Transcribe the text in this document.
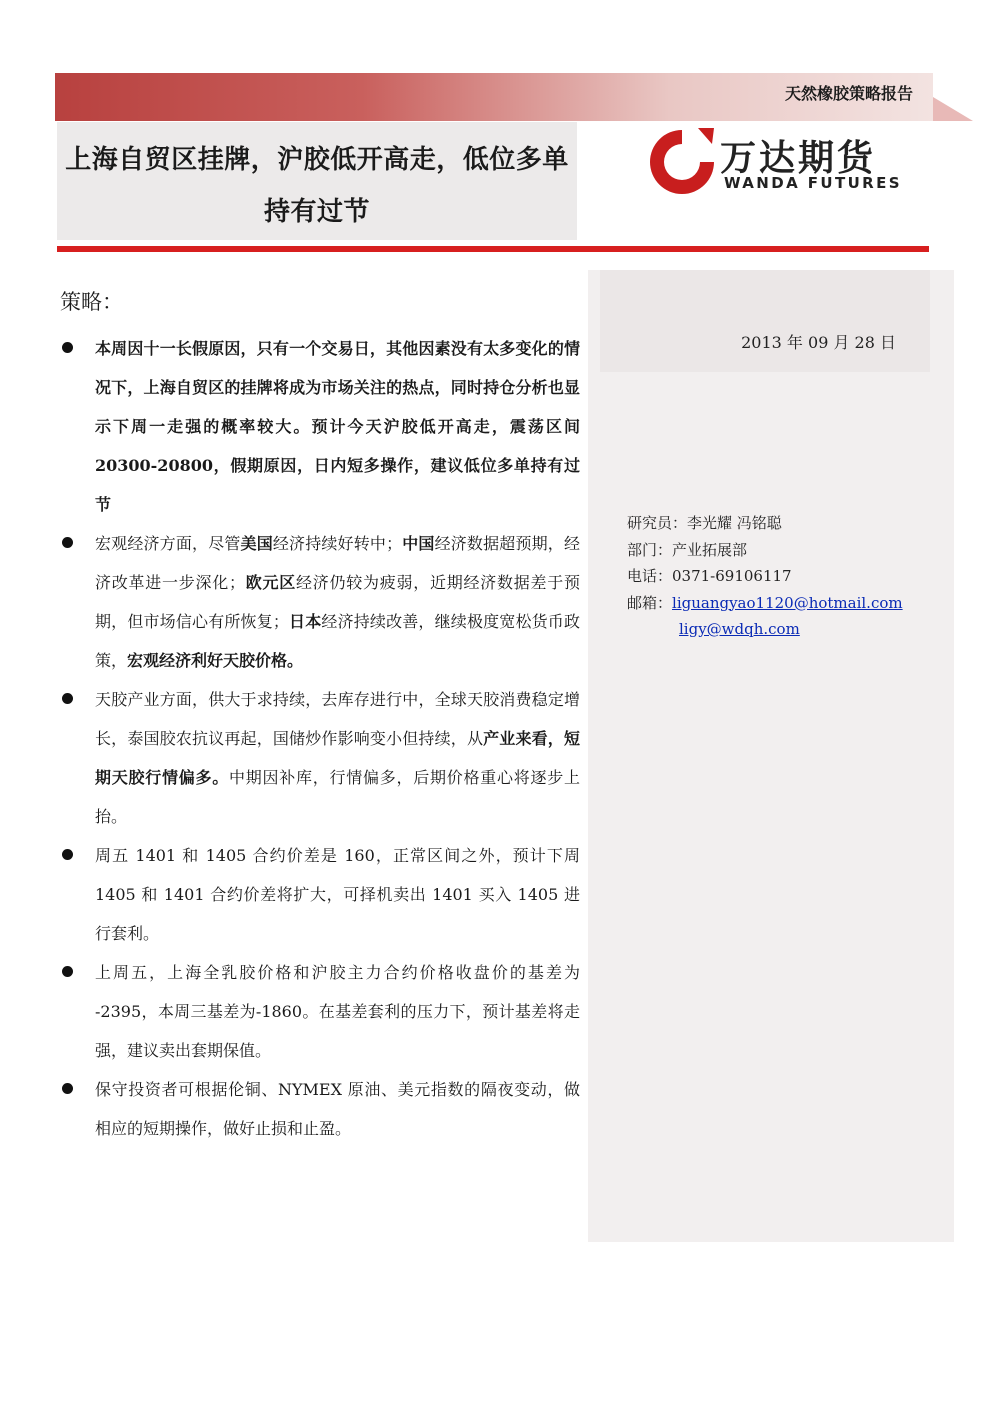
天然橡胶策略报告
上海自贸区挂牌，沪胶低开高走，低位多单
持有过节
万达期货
WANDA FUTURES
2013 年 09 月 28 日
研究员：李光耀 冯铭聪
部门：产业拓展部
电话：0371-69106117
邮箱：liguangyao1120@hotmail.com
ligy@wdqh.com
策略：

本周因十一长假原因，只有一个交易日，其他因素没有太多变化的情况下，上海自贸区的挂牌将成为市场关注的热点，同时持仓分析也显示下周一走强的概率较大。预计今天沪胶低开高走，震荡区间 20300-20800，假期原因，日内短多操作，建议低位多单持有过节

宏观经济方面，尽管美国经济持续好转中；中国经济数据超预期，经济改革进一步深化；欧元区经济仍较为疲弱，近期经济数据差于预期，但市场信心有所恢复；日本经济持续改善，继续极度宽松货币政策，宏观经济利好天胶价格。

天胶产业方面，供大于求持续，去库存进行中，全球天胶消费稳定增长，泰国胶农抗议再起，国储炒作影响变小但持续，从产业来看，短期天胶行情偏多。中期因补库，行情偏多，后期价格重心将逐步上抬。

周五 1401 和 1405 合约价差是 160，正常区间之外，预计下周 1405 和 1401 合约价差将扩大，可择机卖出 1401 买入 1405 进行套利。

上周五，上海全乳胶价格和沪胶主力合约价格收盘价的基差为 -2395，本周三基差为-1860。在基差套利的压力下，预计基差将走强，建议卖出套期保值。

保守投资者可根据伦铜、NYMEX 原油、美元指数的隔夜变动，做相应的短期操作，做好止损和止盈。
